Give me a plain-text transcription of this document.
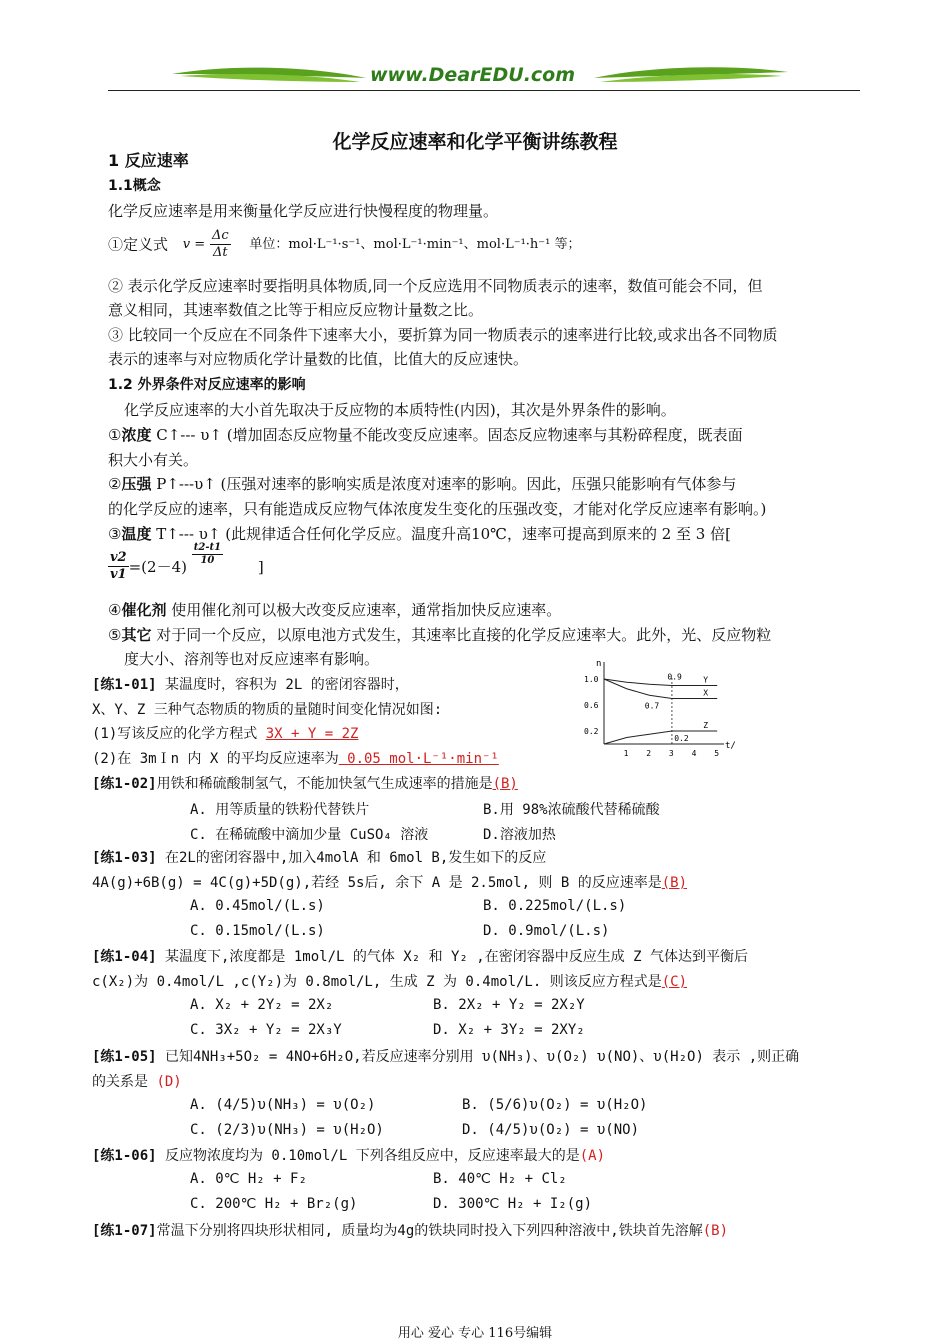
www.DearEDU.com
化学反应速率和化学平衡讲练教程
1 反应速率
1.1概念
化学反应速率是用来衡量化学反应进行快慢程度的物理量。
①定义式 $v = \frac{\Delta c}{\Delta t}$ 单位：mol·L⁻¹·s⁻¹、mol·L⁻¹·min⁻¹、mol·L⁻¹·h⁻¹ 等；
② 表示化学反应速率时要指明具体物质,同一个反应选用不同物质表示的速率，数值可能会不同，但
意义相同，其速率数值之比等于相应反应物计量数之比。
③ 比较同一个反应在不同条件下速率大小，要折算为同一物质表示的速率进行比较,或求出各不同物质
表示的速率与对应物质化学计量数的比值，比值大的反应速快。
1.2 外界条件对反应速率的影响
化学反应速率的大小首先取决于反应物的本质特性(内因)，其次是外界条件的影响。
①浓度 C↑--- υ↑ (增加固态反应物量不能改变反应速率。固态反应物速率与其粉碎程度，既表面
积大小有关。
②压强 P↑---υ↑ (压强对速率的影响实质是浓度对速率的影响。因此，压强只能影响有气体参与
的化学反应的速率，只有能造成反应物气体浓度发生变化的压强改变，才能对化学反应速率有影响。)
③温度 T↑--- υ↑ (此规律适合任何化学反应。温度升高10℃，速率可提高到原来的 2 至 3 倍[
$\frac{v2}{v1} =(2-4) \frac{t2-t1}{10}$ ]
④催化剂 使用催化剂可以极大改变反应速率，通常指加快反应速率。
⑤其它 对于同一个反应，以原电池方式发生，其速率比直接的化学反应速率大。此外，光、反应物粒
度大小、溶剂等也对反应速率有影响。
[练1-01] 某温度时，容积为 2L 的密闭容器时，
X、Y、Z 三种气态物质的物质的量随时间变化情况如图:
(1)写该反应的化学方程式 3X + Y = 2Z
(2)在 3mＩn 内 X 的平均反应速率为 0.05 mol·L⁻¹·min⁻¹
n
t/
1.0
0.6
0.2
1 2 3 4 5
X
Y
Z
0.9
0.7
0.2
[练1-02]用铁和稀硫酸制氢气，不能加快氢气生成速率的措施是(B)
A. 用等质量的铁粉代替铁片	B.用 98%浓硫酸代替稀硫酸
C. 在稀硫酸中滴加少量 CuSO₄ 溶液	D.溶液加热
[练1-03] 在2L的密闭容器中,加入4molA 和 6mol B,发生如下的反应
4A(g)+6B(g) = 4C(g)+5D(g),若经 5s后, 余下 A 是 2.5mol, 则 B 的反应速率是(B)
A. 0.45mol/(L.s)	B. 0.225mol/(L.s)
C. 0.15mol/(L.s)	D. 0.9mol/(L.s)
[练1-04] 某温度下,浓度都是 1mol/L 的气体 X₂ 和 Y₂ ,在密闭容器中反应生成 Z 气体达到平衡后
c(X₂)为 0.4mol/L ,c(Y₂)为 0.8mol/L, 生成 Z 为 0.4mol/L. 则该反应方程式是(C)
A. X₂ + 2Y₂ = 2X₂	B. 2X₂ + Y₂ = 2X₂Y
C. 3X₂ + Y₂ = 2X₃Y	D. X₂ + 3Y₂ = 2XY₂
[练1-05] 已知4NH₃+5O₂ = 4NO+6H₂O,若反应速率分别用 υ(NH₃)、υ(O₂) υ(NO)、υ(H₂O) 表示 ,则正确
的关系是 (D)
A. (4/5)υ(NH₃) = υ(O₂)	B. (5/6)υ(O₂) = υ(H₂O)
C. (2/3)υ(NH₃) = υ(H₂O)	D. (4/5)υ(O₂) = υ(NO)
[练1-06] 反应物浓度均为 0.10mol/L 下列各组反应中，反应速率最大的是(A)
A. 0℃ H₂ + F₂	B. 40℃ H₂ + Cl₂
C. 200℃ H₂ + Br₂(g)	D. 300℃ H₂ + I₂(g)
[练1-07]常温下分别将四块形状相同, 质量均为4g的铁块同时投入下列四种溶液中,铁块首先溶解(B)
用心 爱心 专心 116号编辑
